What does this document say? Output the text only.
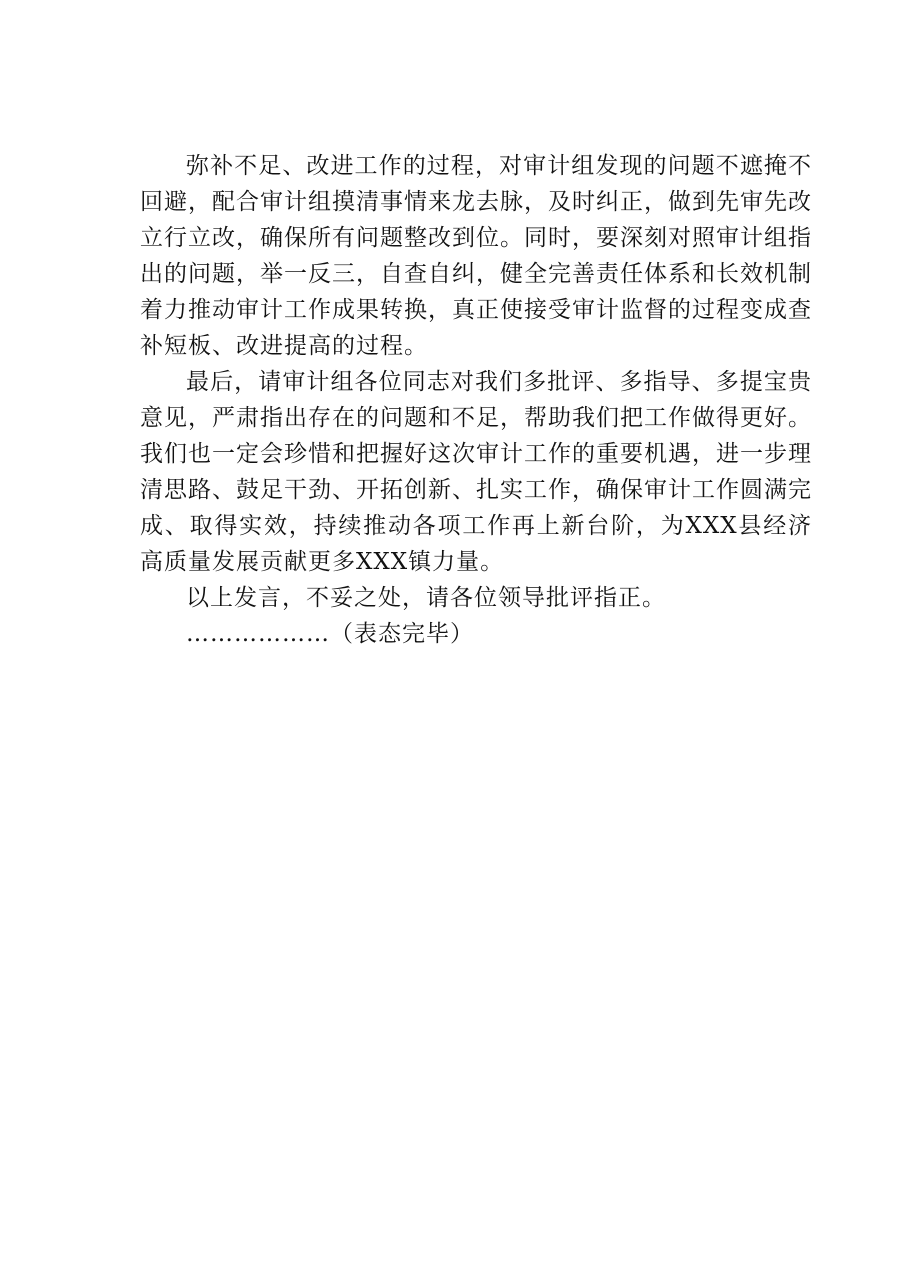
弥补不足、改进工作的过程，对审计组发现的问题不遮掩不回避，配合审计组摸清事情来龙去脉，及时纠正，做到先审先改立行立改，确保所有问题整改到位。同时，要深刻对照审计组指出的问题，举一反三，自查自纠，健全完善责任体系和长效机制着力推动审计工作成果转换，真正使接受审计监督的过程变成查补短板、改进提高的过程。

最后，请审计组各位同志对我们多批评、多指导、多提宝贵意见，严肃指出存在的问题和不足，帮助我们把工作做得更好。我们也一定会珍惜和把握好这次审计工作的重要机遇，进一步理清思路、鼓足干劲、开拓创新、扎实工作，确保审计工作圆满完成、取得实效，持续推动各项工作再上新台阶，为XXX县经济高质量发展贡献更多XXX镇力量。

以上发言，不妥之处，请各位领导批评指正。

………………（表态完毕）
